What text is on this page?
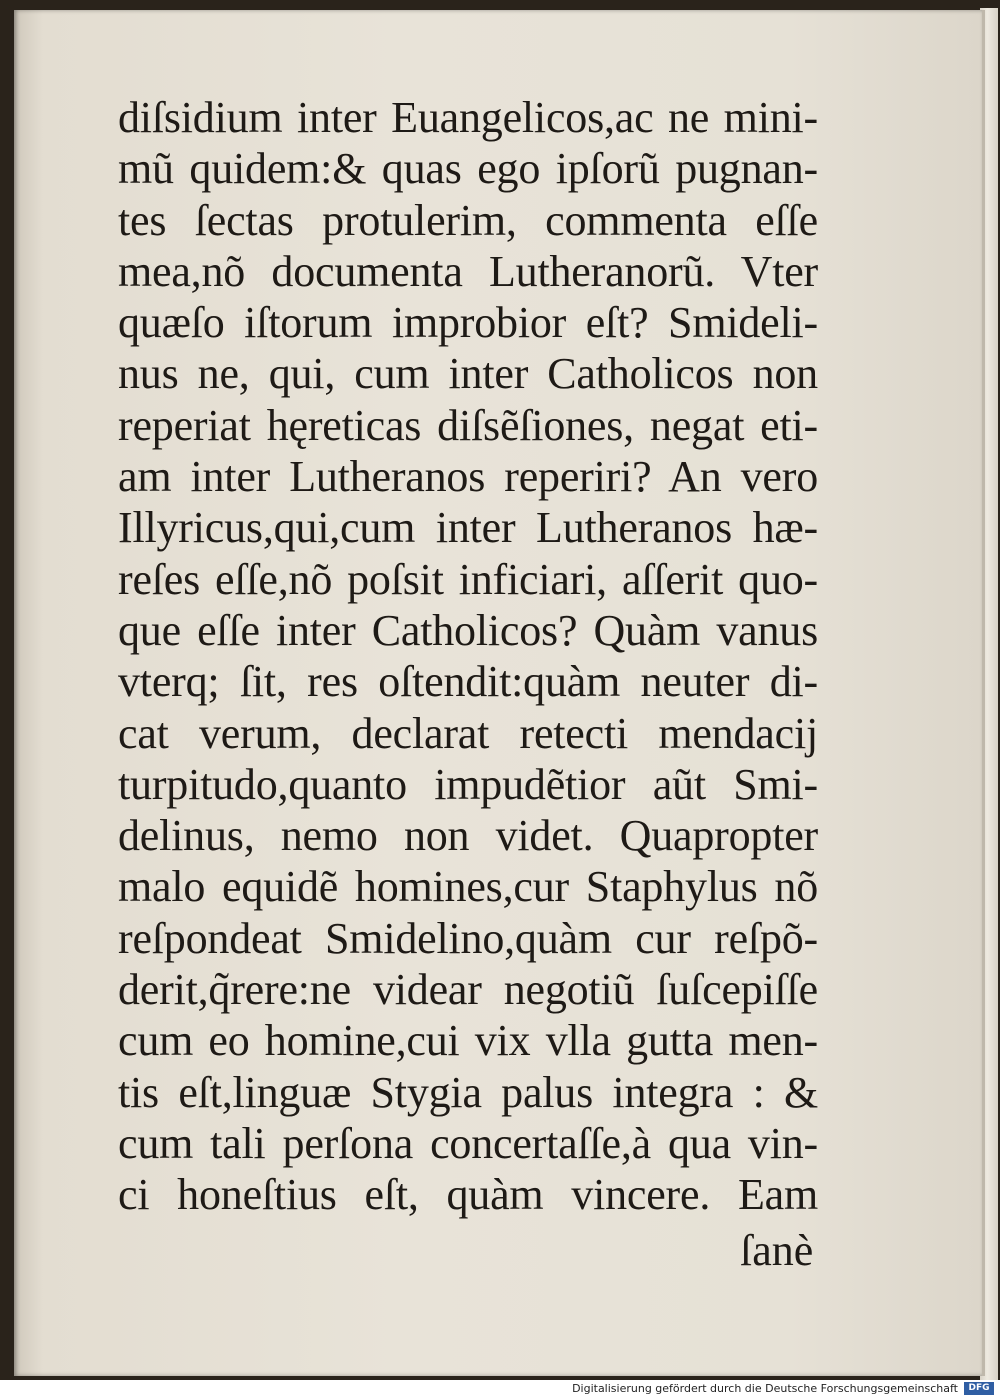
diſsidium inter Euangelicos,ac ne mini-
mũ quidem:& quas ego ipſorũ pugnan-
tes ſectas protulerim, commenta eſſe
mea,nõ documenta Lutheranorũ. Vter
quæſo iſtorum improbior eſt? Smideli-
nus ne, qui, cum inter Catholicos non
reperiat hęreticas diſsẽſiones, negat eti-
am inter Lutheranos reperiri? An vero
Illyricus,qui,cum inter Lutheranos hæ-
reſes eſſe,nõ poſsit inficiari, aſſerit quo-
que eſſe inter Catholicos? Quàm vanus
vterq; ſit, res oſtendit:quàm neuter di-
cat verum, declarat retecti mendacij
turpitudo,quanto impudẽtior aũt Smi-
delinus, nemo non videt. Quapropter
malo equidẽ homines,cur Staphylus nõ
reſpondeat Smidelino,quàm cur reſpõ-
derit,q̃rere:ne videar negotiũ ſuſcepiſſe
cum eo homine,cui vix vlla gutta men-
tis eſt,linguæ Stygia palus integra : &
cum tali perſona concertaſſe,à qua vin-
ci honeſtius eſt, quàm vincere. Eam
ſanè
Digitalisierung gefördert durch die Deutsche Forschungsgemeinschaft	DFG
